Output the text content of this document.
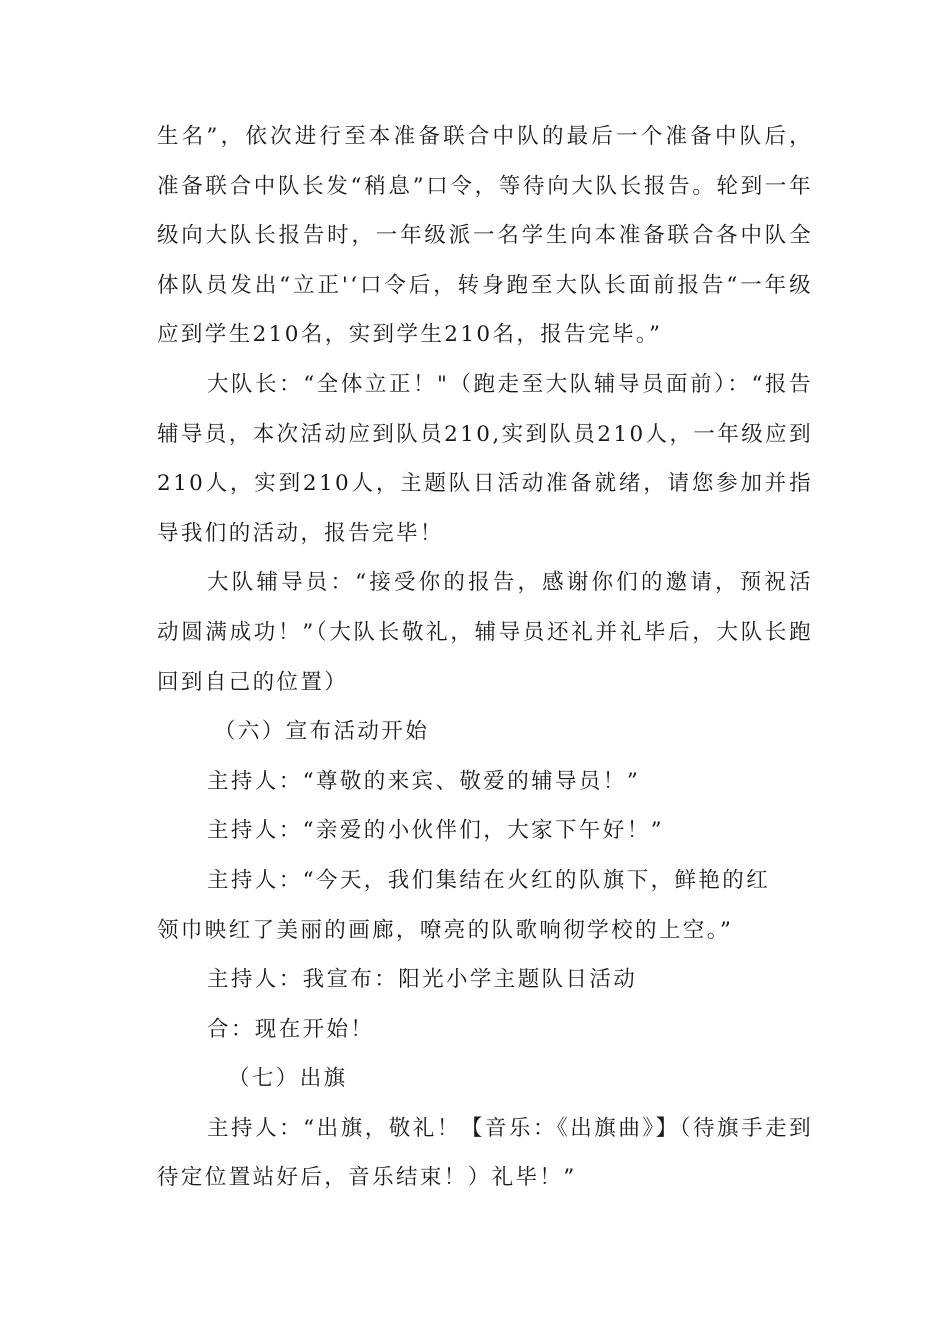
生名”，依次进行至本准备联合中队的最后一个准备中队后，准备联合中队长发“稍息”口令，等待向大队长报告。轮到一年级向大队长报告时，一年级派一名学生向本准备联合各中队全体队员发出“立正'‘口令后，转身跑至大队长面前报告“一年级应到学生210名，实到学生210名，报告完毕。”

大队长：“全体立正！"（跑走至大队辅导员面前）：“报告辅导员，本次活动应到队员210,实到队员210人，一年级应到210人，实到210人，主题队日活动准备就绪，请您参加并指导我们的活动，报告完毕！

大队辅导员：“接受你的报告，感谢你们的邀请，预祝活动圆满成功！”（大队长敬礼，辅导员还礼并礼毕后，大队长跑回到自己的位置）

（六）宣布活动开始

主持人：“尊敬的来宾、敬爱的辅导员！”

主持人：“亲爱的小伙伴们，大家下午好！”

主持人：“今天，我们集结在火红的队旗下，鲜艳的红

领巾映红了美丽的画廊，嘹亮的队歌响彻学校的上空。”

主持人：我宣布：阳光小学主题队日活动

合：现在开始！

（七）出旗

主持人：“出旗，敬礼！【音乐：《出旗曲》】（待旗手走到待定位置站好后，音乐结束！）礼毕！”
